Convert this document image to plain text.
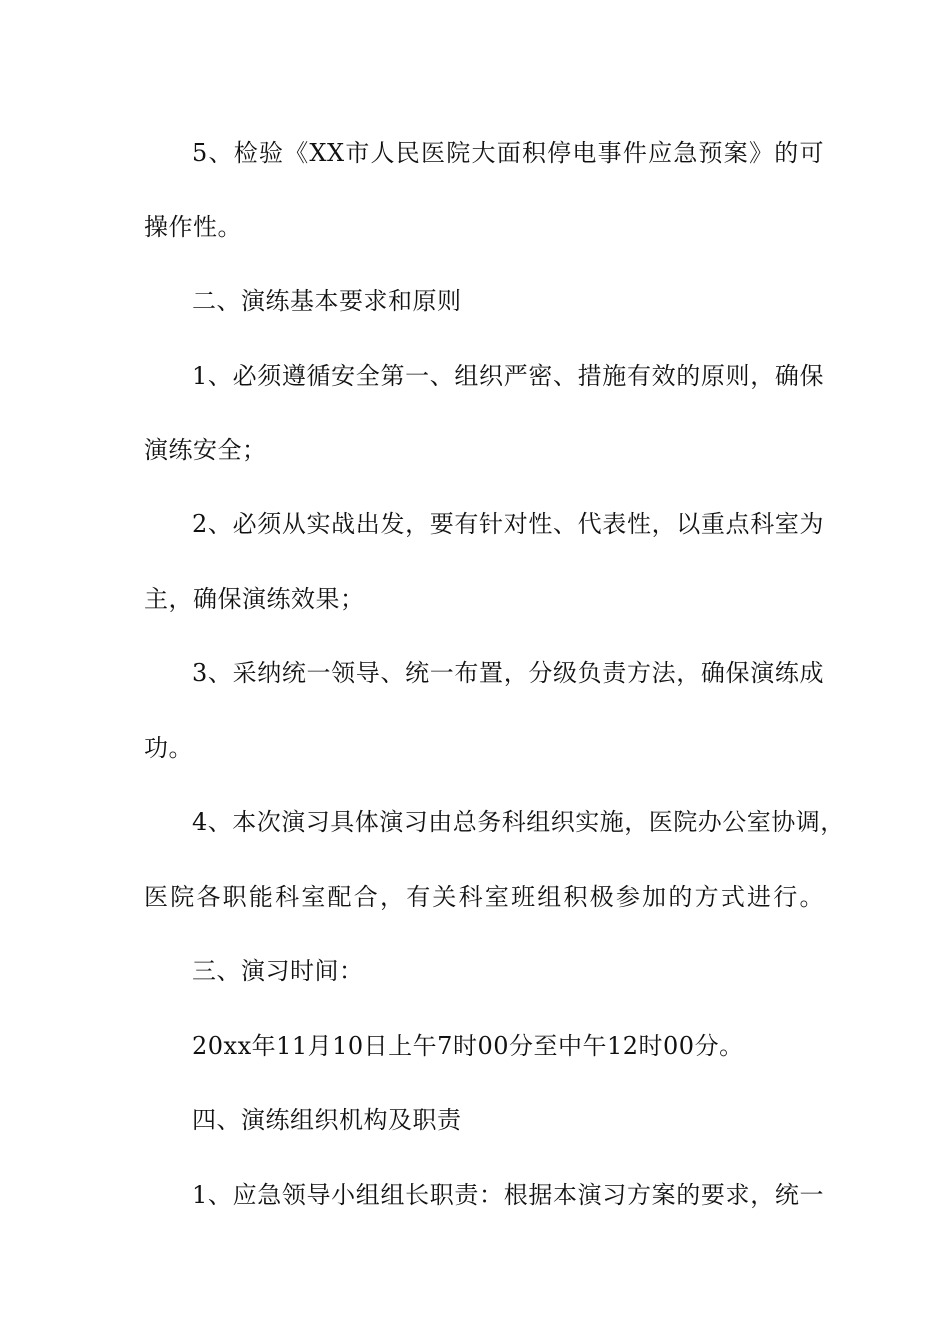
5、检验《XX市人民医院大面积停电事件应急预案》的可
操作性。
二、演练基本要求和原则
1、必须遵循安全第一、组织严密、措施有效的原则，确保
演练安全；
2、必须从实战出发，要有针对性、代表性，以重点科室为
主，确保演练效果；
3、采纳统一领导、统一布置，分级负责方法，确保演练成
功。
4、本次演习具体演习由总务科组织实施，医院办公室协调，
医院各职能科室配合，有关科室班组积极参加的方式进行。
三、演习时间：
20xx年11月10日上午7时00分至中午12时00分。
四、演练组织机构及职责
1、应急领导小组组长职责：根据本演习方案的要求，统一
